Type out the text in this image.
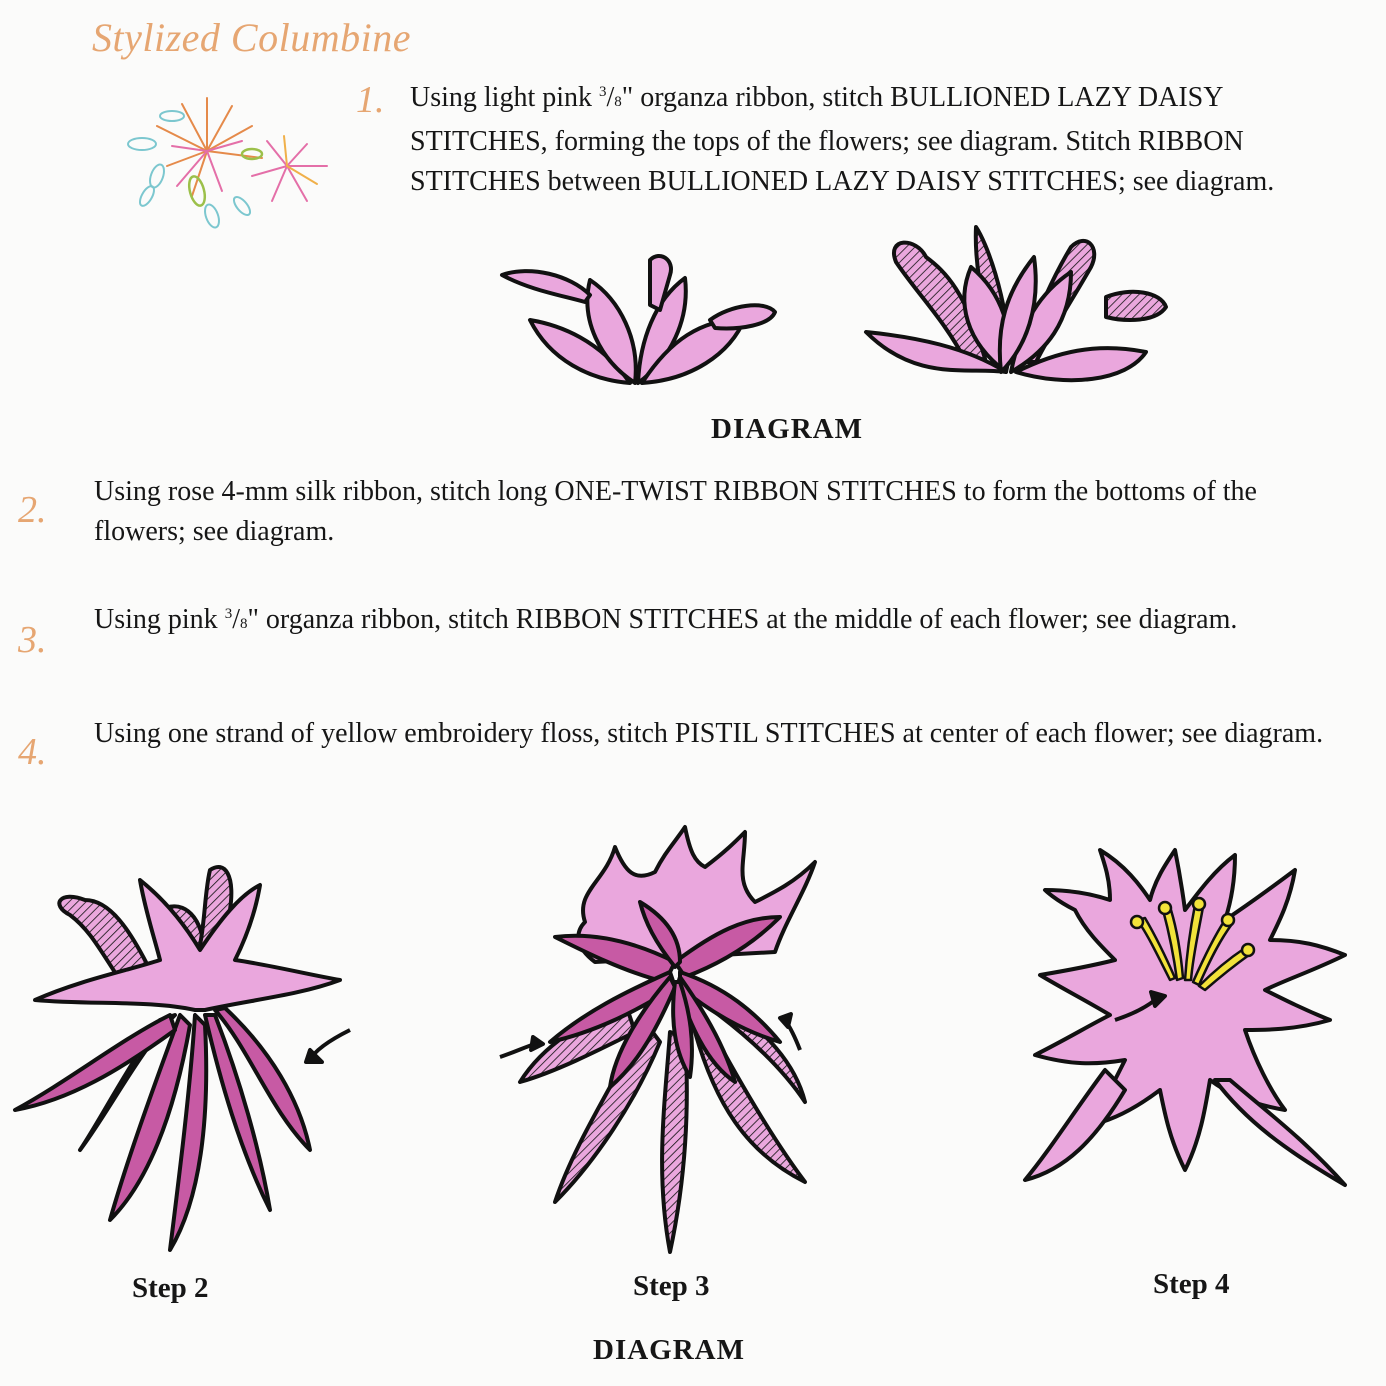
Stylized Columbine
1. Using light pink $^3$/8" organza ribbon, stitch BULLIONED LAZY DAISY STITCHES, forming the tops of the flowers; see diagram. Stitch RIBBON STITCHES between BULLIONED LAZY DAISY STITCHES; see diagram.
DIAGRAM
2. Using rose 4-mm silk ribbon, stitch long ONE-TWIST RIBBON STITCHES to form the bottoms of the flowers; see diagram.
3. Using pink $^3$/8" organza ribbon, stitch RIBBON STITCHES at the middle of each flower; see diagram.
4. Using one strand of yellow embroidery floss, stitch PISTIL STITCHES at center of each flower; see diagram.
Step 2	Step 3	Step 4
DIAGRAM
